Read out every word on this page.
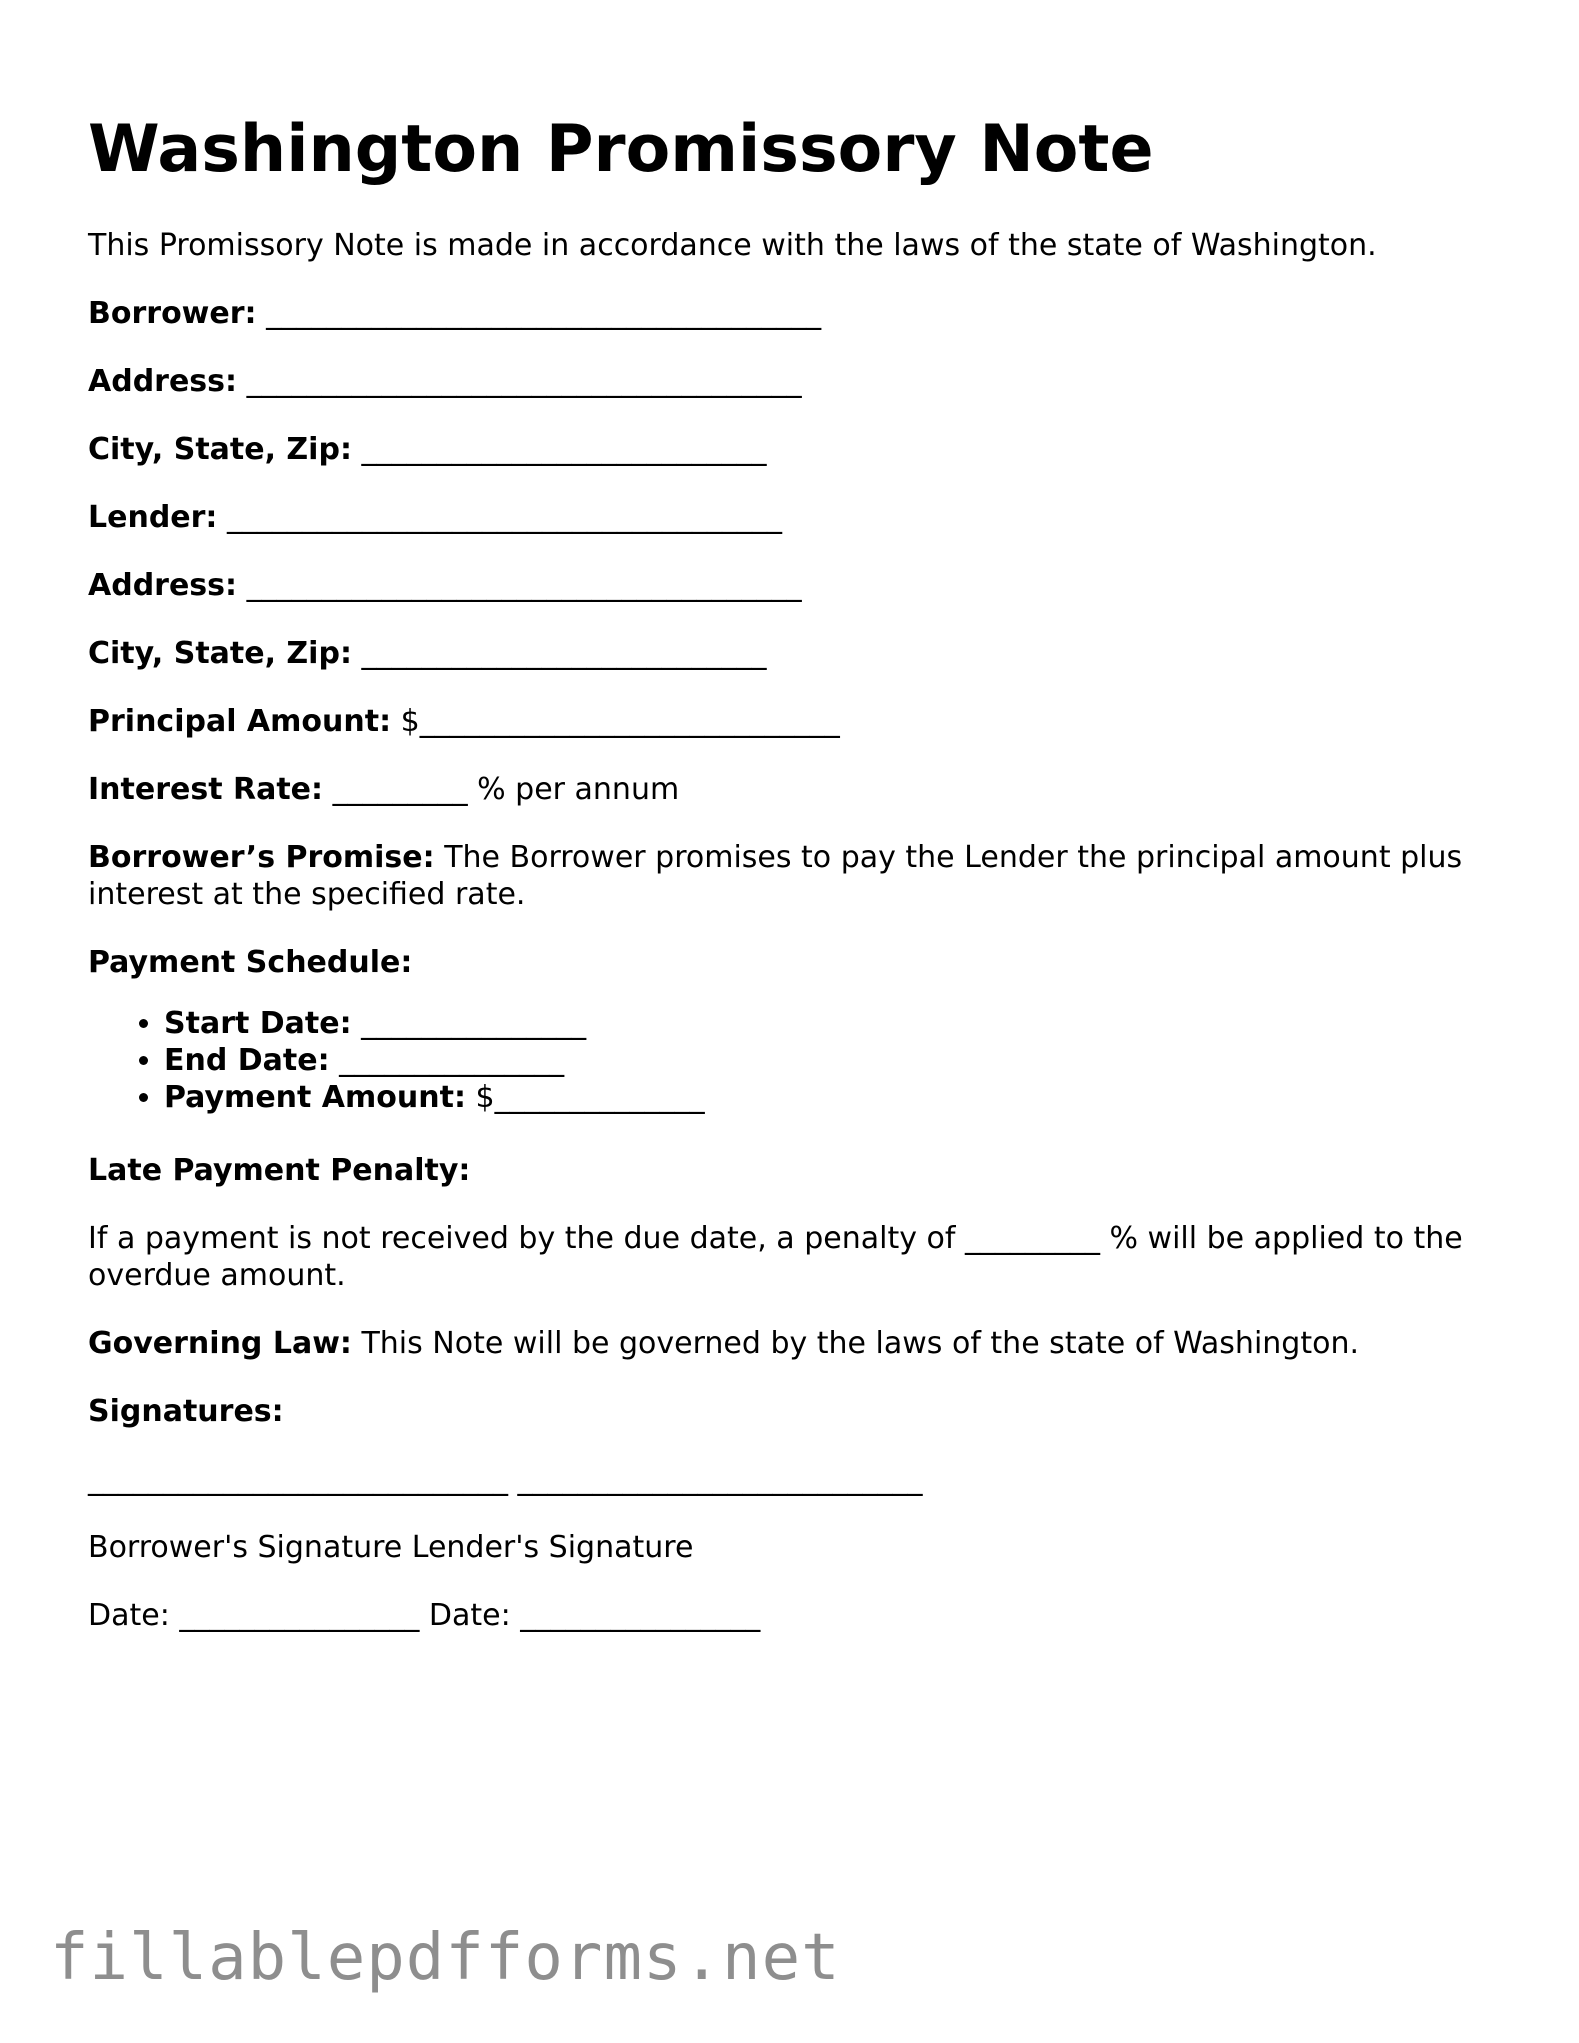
Washington Promissory Note

This Promissory Note is made in accordance with the laws of the state of Washington.

Borrower: _____________________________________

Address: _____________________________________

City, State, Zip: ___________________________

Lender: _____________________________________

Address: _____________________________________

City, State, Zip: ___________________________

Principal Amount: $____________________________

Interest Rate: _________ % per annum

Borrower’s Promise: The Borrower promises to pay the Lender the principal amount plus interest at the specified rate.

Payment Schedule:

• Start Date: _______________
• End Date: _______________
• Payment Amount: $______________

Late Payment Penalty:

If a payment is not received by the due date, a penalty of _________ % will be applied to the overdue amount.

Governing Law: This Note will be governed by the laws of the state of Washington.

Signatures:

____________________________ ___________________________

Borrower's Signature Lender's Signature

Date: ________________ Date: ________________

fillablepdfforms.net
